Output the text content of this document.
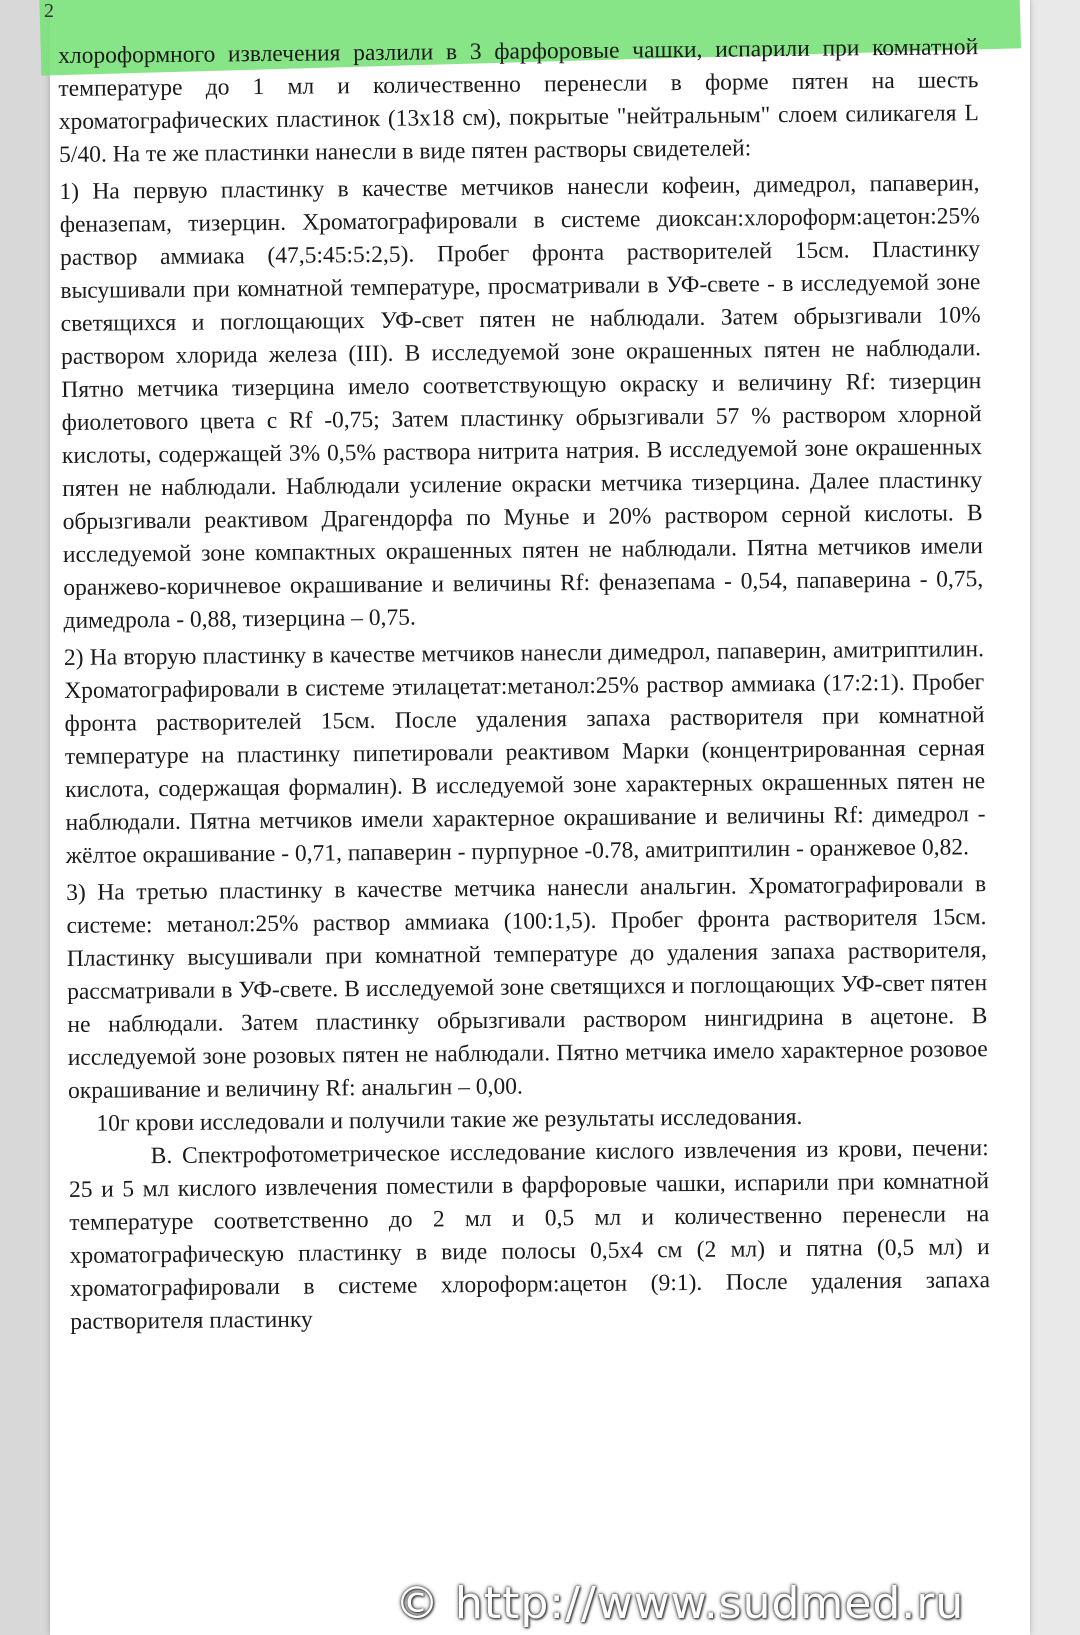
2

хлороформного извлечения разлили в 3 фарфоровые чашки, испарили при комнатной температуре до 1 мл и количественно перенесли в форме пятен на шесть хроматографических пластинок (13х18 см), покрытые "нейтральным" слоем силикагеля L 5/40. На те же пластинки нанесли в виде пятен растворы свидетелей:

1) На первую пластинку в качестве метчиков нанесли кофеин, димедрол, папаверин, феназепам, тизерцин. Хроматографировали в системе диоксан:хлороформ:ацетон:25% раствор аммиака (47,5:45:5:2,5). Пробег фронта растворителей 15см. Пластинку высушивали при комнатной температуре, просматривали в УФ-свете - в исследуемой зоне светящихся и поглощающих УФ-свет пятен не наблюдали. Затем обрызгивали 10% раствором хлорида железа (III). В исследуемой зоне окрашенных пятен не наблюдали. Пятно метчика тизерцина имело соответствующую окраску и величину Rf: тизерцин фиолетового цвета с Rf -0,75; Затем пластинку обрызгивали 57 % раствором хлорной кислоты, содержащей 3% 0,5% раствора нитрита натрия. В исследуемой зоне окрашенных пятен не наблюдали. Наблюдали усиление окраски метчика тизерцина. Далее пластинку обрызгивали реактивом Драгендорфа по Мунье и 20% раствором серной кислоты. В исследуемой зоне компактных окрашенных пятен не наблюдали. Пятна метчиков имели оранжево-коричневое окрашивание и величины Rf: феназепама - 0,54, папаверина - 0,75, димедрола - 0,88, тизерцина – 0,75.

2) На вторую пластинку в качестве метчиков нанесли димедрол, папаверин, амитриптилин. Хроматографировали в системе этилацетат:метанол:25% раствор аммиака (17:2:1). Пробег фронта растворителей 15см. После удаления запаха растворителя при комнатной температуре на пластинку пипетировали реактивом Марки (концентрированная серная кислота, содержащая формалин). В исследуемой зоне характерных окрашенных пятен не наблюдали. Пятна метчиков имели характерное окрашивание и величины Rf: димедрол - жёлтое окрашивание - 0,71, папаверин - пурпурное -0.78, амитриптилин - оранжевое 0,82.

3) На третью пластинку в качестве метчика нанесли анальгин. Хроматографировали в системе: метанол:25% раствор аммиака (100:1,5). Пробег фронта растворителя 15см. Пластинку высушивали при комнатной температуре до удаления запаха растворителя, рассматривали в УФ-свете. В исследуемой зоне светящихся и поглощающих УФ-свет пятен не наблюдали. Затем пластинку обрызгивали раствором нингидрина в ацетоне. В исследуемой зоне розовых пятен не наблюдали. Пятно метчика имело характерное розовое окрашивание и величину Rf: анальгин – 0,00.

10г крови исследовали и получили такие же результаты исследования.

В. Спектрофотометрическое исследование кислого извлечения из крови, печени: 25 и 5 мл кислого извлечения поместили в фарфоровые чашки, испарили при комнатной температуре соответственно до 2 мл и 0,5 мл и количественно перенесли на хроматографическую пластинку в виде полосы 0,5х4 см (2 мл) и пятна (0,5 мл) и хроматографировали в системе хлороформ:ацетон (9:1). После удаления запаха растворителя пластинку

© http://www.sudmed.ru
